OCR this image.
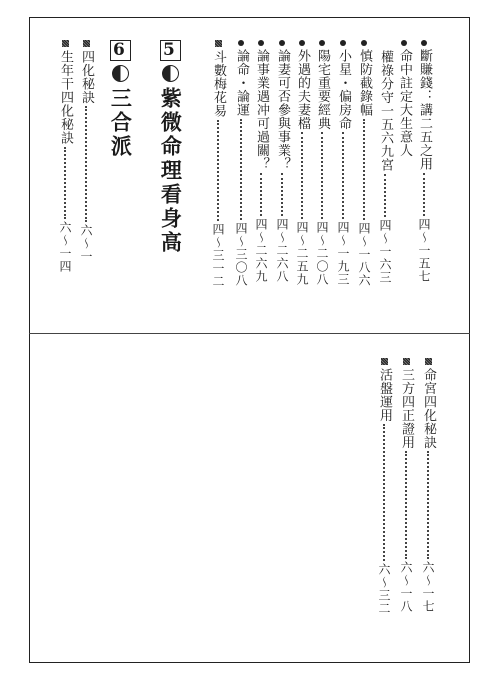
斷賺錢：講二五之用四〜一五七
命中註定大生意人
權祿分守一五六九宮四〜一六三
慎防截錄幅四〜一八六
小星・偏房命四〜一九三
陽宅重要經典四〜二〇八
外遇的夫妻檔四〜二五九
論妻可否參與事業？四〜二六八
論事業遇冲可過關？四〜二六九
論命・論運四〜三〇八
斗數梅花易四〜三一二
5紫微命理看身高
6三合派
四化秘訣六〜一
生年干四化秘訣六〜一四
命宮四化秘訣六〜一七
三方四正證用六〜一八
活盤運用六〜三二
